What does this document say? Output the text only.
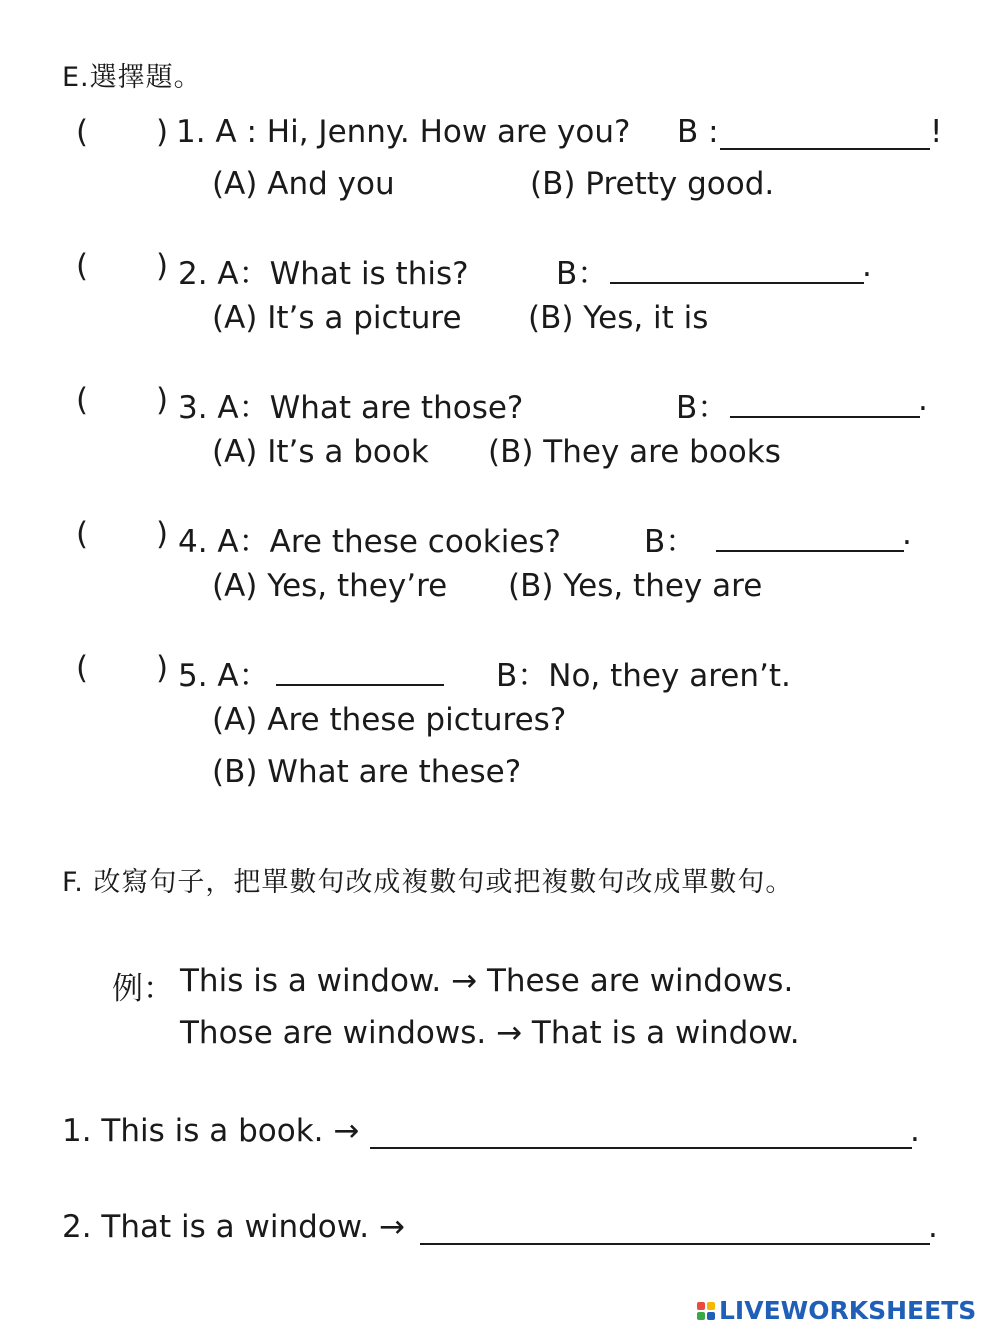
E.選擇題。
( ) 1. A : Hi, Jenny. How are you? B :	!
(A) And you	(B) Pretty good.
( ) 2. A：What is this?	B：	.
(A) It’s a picture (B) Yes, it is
( ) 3. A：What are those?	B：	.
(A) It’s a book (B) They are books
( ) 4. A：Are these cookies?	B：	.
(A) Yes, they’re (B) Yes, they are
( ) 5. A：	B：No, they aren’t.
(A) Are these pictures?
(B) What are these?
F. 改寫句子，把單數句改成複數句或把複數句改成單數句。
例： This is a window. → These are windows.
Those are windows. → That is a window.
1. This is a book. →	.
2. That is a window. →	.
LIVEWORKSHEETS
